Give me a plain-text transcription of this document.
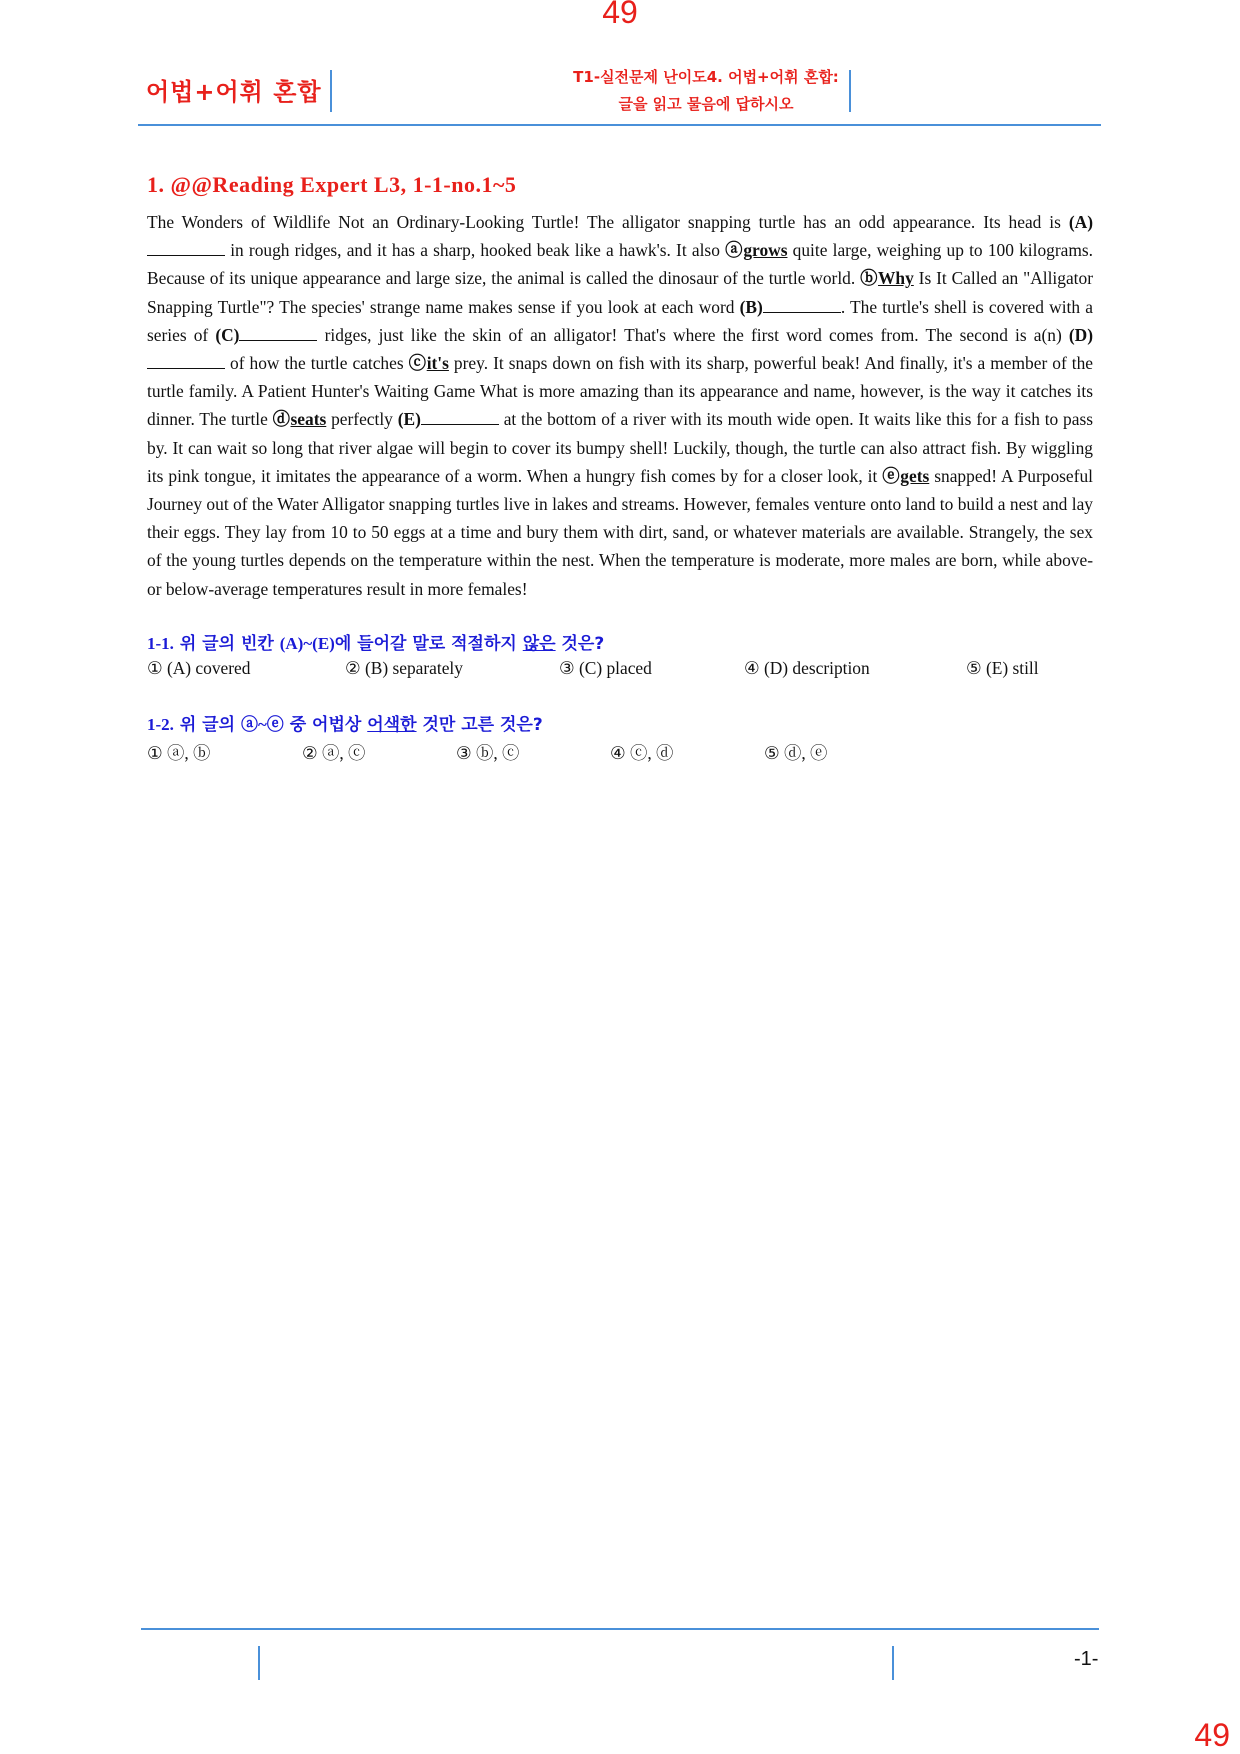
49
어법+어휘 혼합
T1-실전문제 난이도4. 어법+어휘 혼합:
글을 읽고 물음에 답하시오
1. @@Reading Expert L3, 1-1-no.1~5

The Wonders of Wildlife Not an Ordinary-Looking Turtle! The alligator snapping turtle has an odd appearance. Its head is (A) in rough ridges, and it has a sharp, hooked beak like a hawk's. It also ⓐgrows quite large, weighing up to 100 kilograms. Because of its unique appearance and large size, the animal is called the dinosaur of the turtle world. ⓑWhy Is It Called an "Alligator Snapping Turtle"? The species' strange name makes sense if you look at each word (B)	. The turtle's shell is covered with a series of (C)	ridges, just like the skin of an alligator! That's where the first word comes from. The second is a(n) (D) of how the turtle catches ⓒit's prey. It snaps down on fish with its sharp, powerful beak! And finally, it's a member of the turtle family. A Patient Hunter's Waiting Game What is more amazing than its appearance and name, however, is the way it catches its dinner. The turtle ⓓseats perfectly (E)	at the bottom of a river with its mouth wide open. It waits like this for a fish to pass by. It can wait so long that river algae will begin to cover its bumpy shell! Luckily, though, the turtle can also attract fish. By wiggling its pink tongue, it imitates the appearance of a worm. When a hungry fish comes by for a closer look, it ⓔgets snapped! A Purposeful Journey out of the Water Alligator snapping turtles live in lakes and streams. However, females venture onto land to build a nest and lay their eggs. They lay from 10 to 50 eggs at a time and bury them with dirt, sand, or whatever materials are available. Strangely, the sex of the young turtles depends on the temperature within the nest. When the temperature is moderate, more males are born, while above- or below-average temperatures result in more females!

1-1. 위 글의 빈칸 (A)~(E)에 들어갈 말로 적절하지 않은 것은?
① (A) covered	② (B) separately	③ (C) placed	④ (D) description	⑤ (E) still
1-2. 위 글의 ⓐ~ⓔ 중 어법상 어색한 것만 고른 것은?
① ⓐ, ⓑ	② ⓐ, ⓒ	③ ⓑ, ⓒ	④ ⓒ, ⓓ	⑤ ⓓ, ⓔ
-1-
49
